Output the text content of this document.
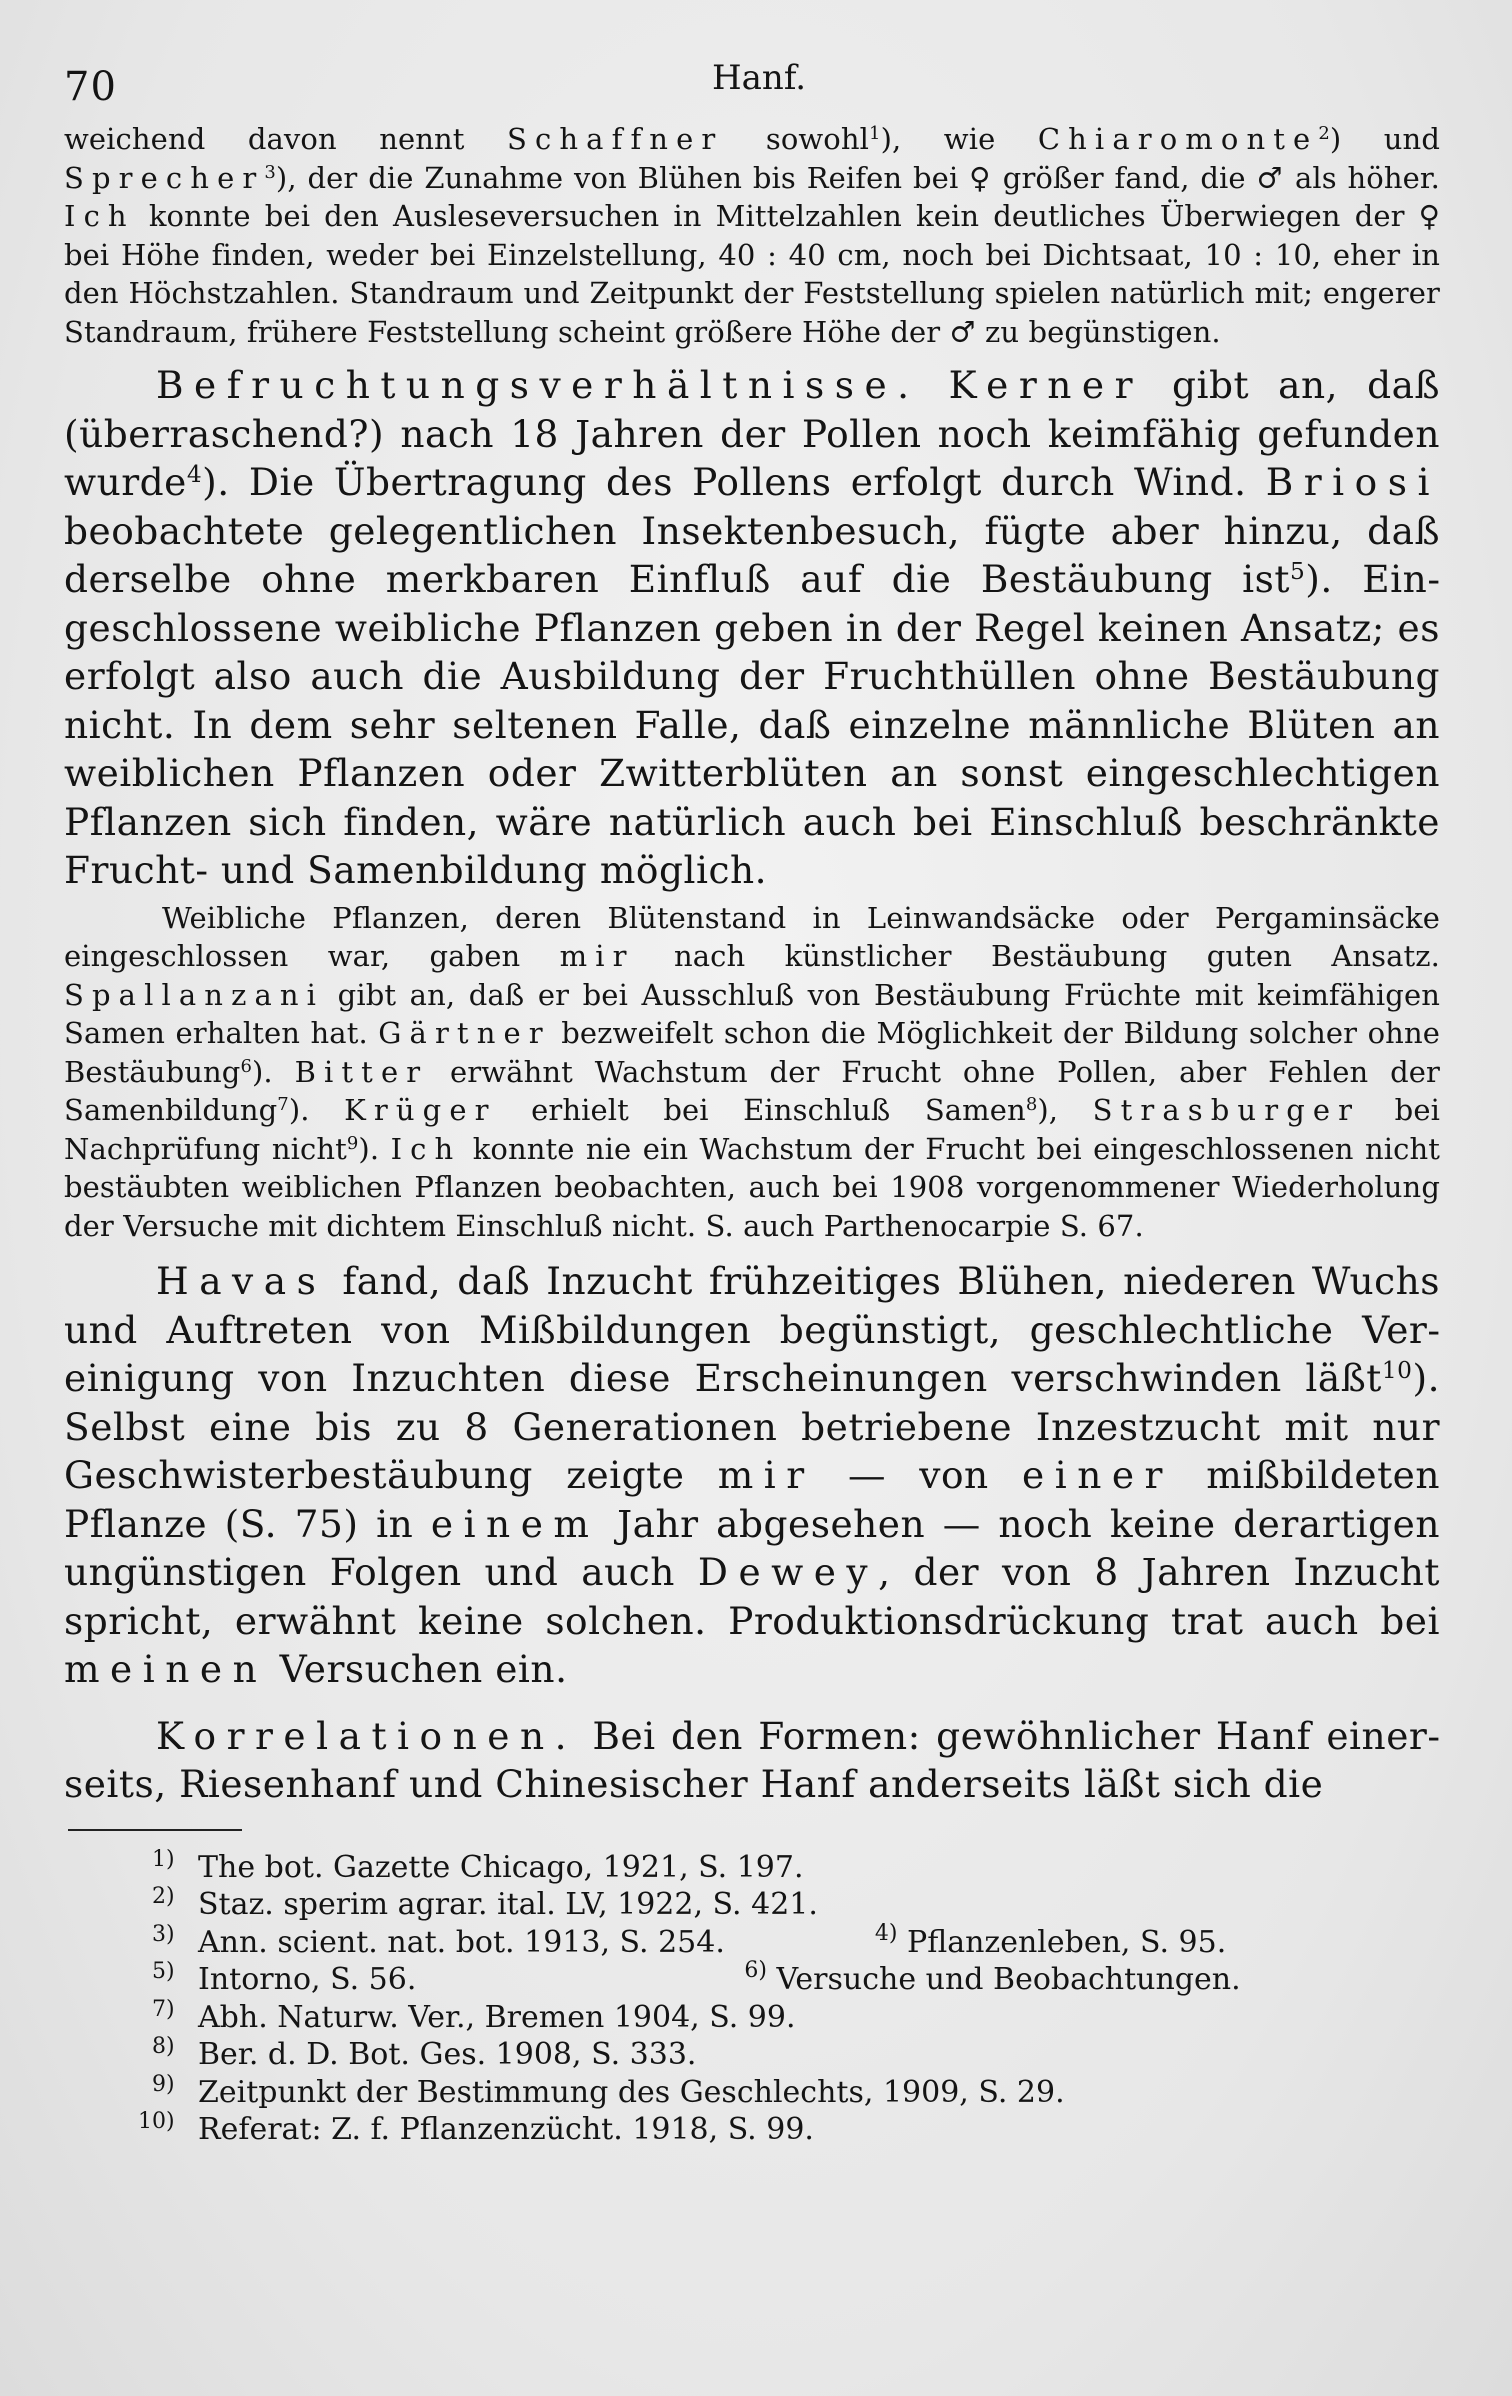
70	Hanf.

weichend davon nennt Schaffner sowohl$^1$), wie Chiaromonte$^2$) und Sprecher$^3$), der die Zunahme von Blühen bis Reifen bei ♀ größer fand, die ♂ als höher. Ich konnte bei den Ausleseversuchen in Mittelzahlen kein deutliches Überwiegen der ♀ bei Höhe finden, weder bei Einzelstellung, 40 : 40 cm, noch bei Dichtsaat, 10 : 10, eher in den Höchstzahlen. Standraum und Zeitpunkt der Feststellung spielen natürlich mit; engerer Standraum, frühere Feststellung scheint größere Höhe der ♂ zu begünstigen.

Befruchtungsverhältnisse. Kerner gibt an, daß (überraschend?) nach 18 Jahren der Pollen noch keimfähig gefunden wurde$^4$). Die Übertragung des Pollens erfolgt durch Wind. Briosi beobachtete gelegentlichen Insektenbesuch, fügte aber hinzu, daß derselbe ohne merkbaren Einfluß auf die Bestäubung ist$^5$). Eingeschlossene weibliche Pflanzen geben in der Regel keinen Ansatz; es erfolgt also auch die Ausbildung der Fruchthüllen ohne Bestäubung nicht. In dem sehr seltenen Falle, daß einzelne männliche Blüten an weiblichen Pflanzen oder Zwitterblüten an sonst eingeschlechtigen Pflanzen sich finden, wäre natürlich auch bei Einschluß beschränkte Frucht- und Samenbildung möglich.

Weibliche Pflanzen, deren Blütenstand in Leinwandsäcke oder Pergaminsäcke eingeschlossen war, gaben mir nach künstlicher Bestäubung guten Ansatz. Spallanzani gibt an, daß er bei Ausschluß von Bestäubung Früchte mit keimfähigen Samen erhalten hat. Gärtner bezweifelt schon die Möglichkeit der Bildung solcher ohne Bestäubung$^6$). Bitter erwähnt Wachstum der Frucht ohne Pollen, aber Fehlen der Samenbildung$^7$). Krüger erhielt bei Einschluß Samen$^8$), Strasburger bei Nachprüfung nicht$^9$). Ich konnte nie ein Wachstum der Frucht bei eingeschlossenen nicht bestäubten weiblichen Pflanzen beobachten, auch bei 1908 vorgenommener Wiederholung der Versuche mit dichtem Einschluß nicht. S. auch Parthenocarpie S. 67.

Havas fand, daß Inzucht frühzeitiges Blühen, niederen Wuchs und Auftreten von Mißbildungen begünstigt, geschlechtliche Vereinigung von Inzuchten diese Erscheinungen verschwinden läßt$^{10}$). Selbst eine bis zu 8 Generationen betriebene Inzestzucht mit nur Geschwisterbestäubung zeigte mir — von einer mißbildeten Pflanze (S. 75) in einem Jahr abgesehen — noch keine derartigen ungünstigen Folgen und auch Dewey, der von 8 Jahren Inzucht spricht, erwähnt keine solchen. Produktionsdrückung trat auch bei meinen Versuchen ein.

Korrelationen. Bei den Formen: gewöhnlicher Hanf einerseits, Riesenhanf und Chinesischer Hanf anderseits läßt sich die

1) The bot. Gazette Chicago, 1921, S. 197.
2) Staz. sperim agrar. ital. LV, 1922, S. 421.
3) Ann. scient. nat. bot. 1913, S. 254.	$^{4)}$ Pflanzenleben, S. 95.
5) Intorno, S. 56.	$^{6)}$ Versuche und Beobachtungen.
7) Abh. Naturw. Ver., Bremen 1904, S. 99.
8) Ber. d. D. Bot. Ges. 1908, S. 333.
9) Zeitpunkt der Bestimmung des Geschlechts, 1909, S. 29.
10) Referat: Z. f. Pflanzenzücht. 1918, S. 99.
